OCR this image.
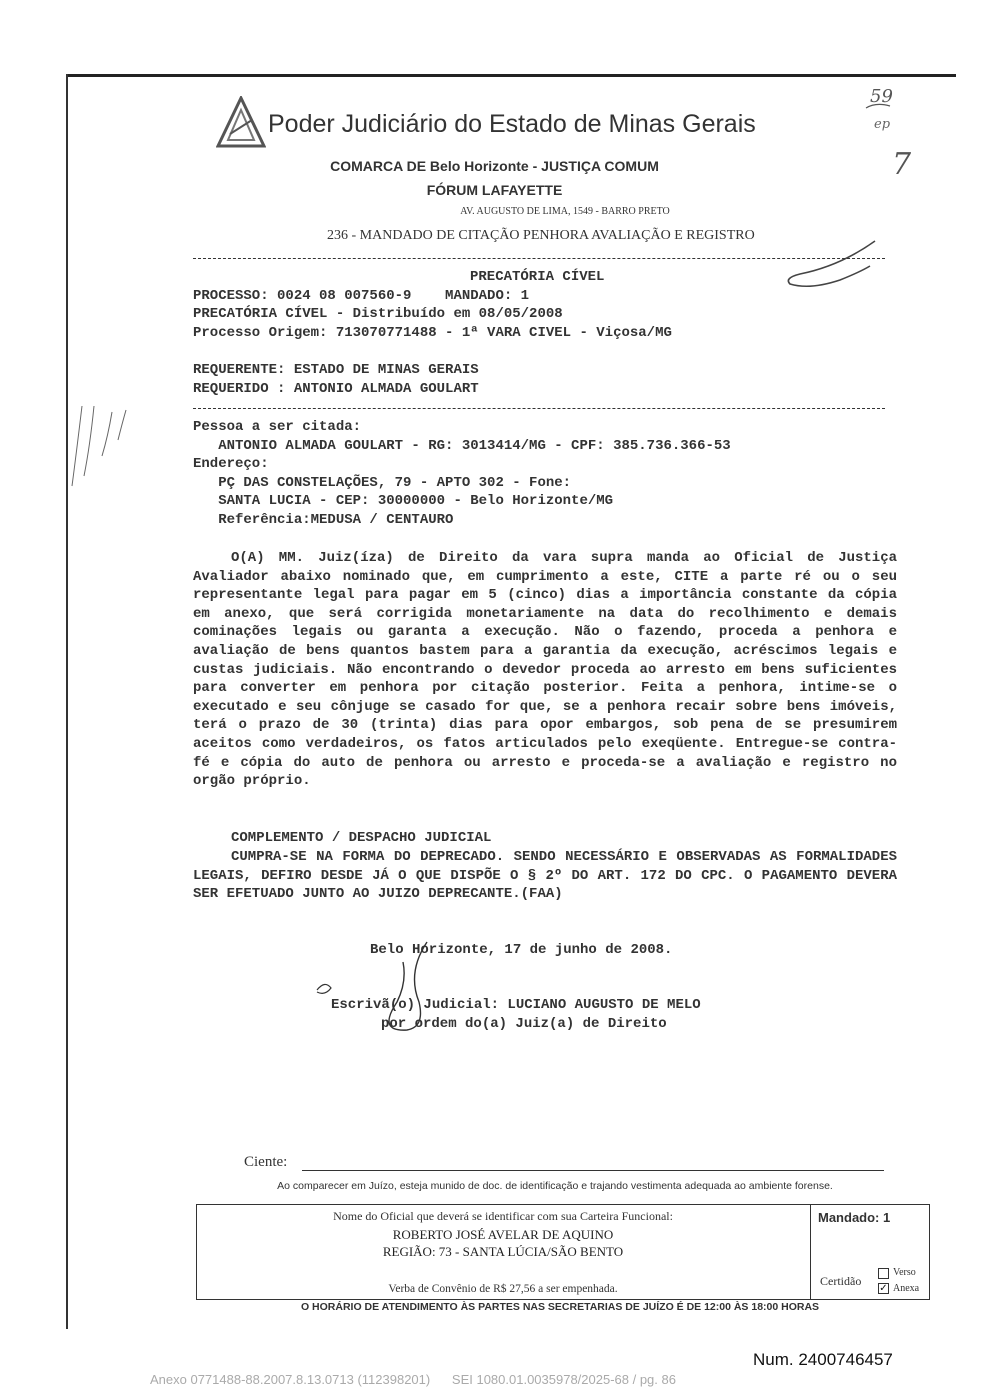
Poder Judiciário do Estado de Minas Gerais
COMARCA DE Belo Horizonte - JUSTIÇA COMUM
FÓRUM LAFAYETTE
AV. AUGUSTO DE LIMA, 1549 - BARRO PRETO
236 - MANDADO DE CITAÇÃO PENHORA AVALIAÇÃO E REGISTRO
59
ep
7
PRECATÓRIA CÍVEL
PROCESSO: 0024 08 007560-9    MANDADO: 1
PRECATÓRIA CÍVEL - Distribuído em 08/05/2008
Processo Origem: 713070771488 - 1ª VARA CIVEL - Viçosa/MG
REQUERENTE: ESTADO DE MINAS GERAIS
REQUERIDO : ANTONIO ALMADA GOULART
Pessoa a ser citada:
ANTONIO ALMADA GOULART - RG: 3013414/MG - CPF: 385.736.366-53
Endereço:
PÇ DAS CONSTELAÇÕES, 79 - APTO 302 - Fone:
SANTA LUCIA - CEP: 30000000 - Belo Horizonte/MG
Referência:MEDUSA / CENTAURO
O(A) MM. Juiz(íza) de Direito da vara supra manda ao Oficial de Justiça Avaliador abaixo nominado que, em cumprimento a este, CITE a parte ré ou o seu representante legal para pagar em 5 (cinco) dias a importância constante da cópia em anexo, que será corrigida monetariamente na data do recolhimento e demais cominações legais ou garanta a execução. Não o fazendo, proceda a penhora e avaliação de bens quantos bastem para a garantia da execução, acréscimos legais e custas judiciais. Não encontrando o devedor proceda ao arresto em bens suficientes para converter em penhora por citação posterior. Feita a penhora, intime-se o executado e seu cônjuge se casado for que, se a penhora recair sobre bens imóveis, terá o prazo de 30 (trinta) dias para opor embargos, sob pena de se presumirem aceitos como verdadeiros, os fatos articulados pelo exeqüente. Entregue-se contra-fé e cópia do auto de penhora ou arresto e proceda-se a avaliação e registro no orgão próprio.
COMPLEMENTO / DESPACHO JUDICIAL
CUMPRA-SE NA FORMA DO DEPRECADO. SENDO NECESSÁRIO E OBSERVADAS AS FORMALIDADES LEGAIS, DEFIRO DESDE JÁ O QUE DISPÕE O § 2º DO ART. 172 DO CPC. O PAGAMENTO DEVERA SER EFETUADO JUNTO AO JUIZO DEPRECANTE.(FAA)
Belo Horizonte, 17 de junho de 2008.
Escrivã(o) Judicial: LUCIANO AUGUSTO DE MELO
por ordem do(a) Juiz(a) de Direito
Ciente:
Ao comparecer em Juízo, esteja munido de doc. de identificação e trajando vestimenta adequada ao ambiente forense.
Nome do Oficial que deverá se identificar com sua Carteira Funcional:
ROBERTO JOSÉ AVELAR DE AQUINO
REGIÃO: 73 - SANTA LÚCIA/SÃO BENTO
Verba de Convênio de R$ 27,56 a ser empenhada.
Mandado: 1
Certidão
Verso
✓ Anexa
O HORÁRIO DE ATENDIMENTO ÀS PARTES NAS SECRETARIAS DE JUÍZO É DE 12:00 ÀS 18:00 HORAS
Num. 2400746457
Anexo 0771488-88.2007.8.13.0713 (112398201)      SEI 1080.01.0035978/2025-68 / pg. 86
